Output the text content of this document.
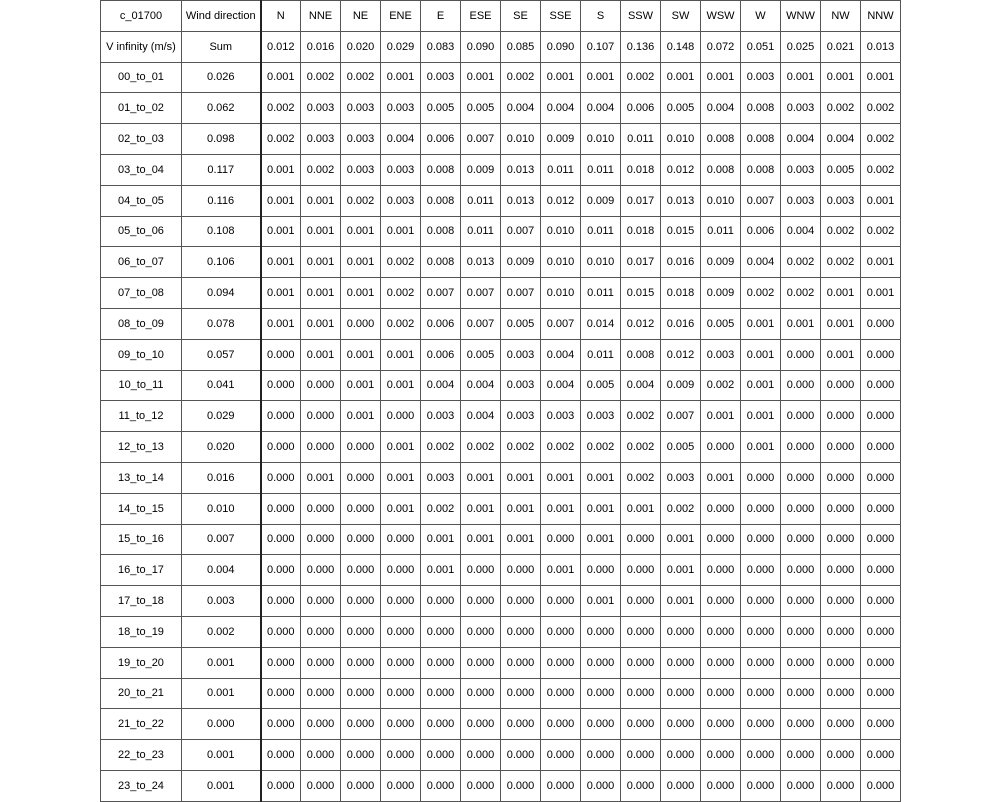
c_01700	Wind direction	N	NNE	NE	ENE	E	ESE	SE	SSE	S	SSW	SW	WSW	W	WNW	NW	NNW
V infinity (m/s)	Sum	0.012	0.016	0.020	0.029	0.083	0.090	0.085	0.090	0.107	0.136	0.148	0.072	0.051	0.025	0.021	0.013
00_to_01	0.026	0.001	0.002	0.002	0.001	0.003	0.001	0.002	0.001	0.001	0.002	0.001	0.001	0.003	0.001	0.001	0.001
01_to_02	0.062	0.002	0.003	0.003	0.003	0.005	0.005	0.004	0.004	0.004	0.006	0.005	0.004	0.008	0.003	0.002	0.002
02_to_03	0.098	0.002	0.003	0.003	0.004	0.006	0.007	0.010	0.009	0.010	0.011	0.010	0.008	0.008	0.004	0.004	0.002
03_to_04	0.117	0.001	0.002	0.003	0.003	0.008	0.009	0.013	0.011	0.011	0.018	0.012	0.008	0.008	0.003	0.005	0.002
04_to_05	0.116	0.001	0.001	0.002	0.003	0.008	0.011	0.013	0.012	0.009	0.017	0.013	0.010	0.007	0.003	0.003	0.001
05_to_06	0.108	0.001	0.001	0.001	0.001	0.008	0.011	0.007	0.010	0.011	0.018	0.015	0.011	0.006	0.004	0.002	0.002
06_to_07	0.106	0.001	0.001	0.001	0.002	0.008	0.013	0.009	0.010	0.010	0.017	0.016	0.009	0.004	0.002	0.002	0.001
07_to_08	0.094	0.001	0.001	0.001	0.002	0.007	0.007	0.007	0.010	0.011	0.015	0.018	0.009	0.002	0.002	0.001	0.001
08_to_09	0.078	0.001	0.001	0.000	0.002	0.006	0.007	0.005	0.007	0.014	0.012	0.016	0.005	0.001	0.001	0.001	0.000
09_to_10	0.057	0.000	0.001	0.001	0.001	0.006	0.005	0.003	0.004	0.011	0.008	0.012	0.003	0.001	0.000	0.001	0.000
10_to_11	0.041	0.000	0.000	0.001	0.001	0.004	0.004	0.003	0.004	0.005	0.004	0.009	0.002	0.001	0.000	0.000	0.000
11_to_12	0.029	0.000	0.000	0.001	0.000	0.003	0.004	0.003	0.003	0.003	0.002	0.007	0.001	0.001	0.000	0.000	0.000
12_to_13	0.020	0.000	0.000	0.000	0.001	0.002	0.002	0.002	0.002	0.002	0.002	0.005	0.000	0.001	0.000	0.000	0.000
13_to_14	0.016	0.000	0.001	0.000	0.001	0.003	0.001	0.001	0.001	0.001	0.002	0.003	0.001	0.000	0.000	0.000	0.000
14_to_15	0.010	0.000	0.000	0.000	0.001	0.002	0.001	0.001	0.001	0.001	0.001	0.002	0.000	0.000	0.000	0.000	0.000
15_to_16	0.007	0.000	0.000	0.000	0.000	0.001	0.001	0.001	0.000	0.001	0.000	0.001	0.000	0.000	0.000	0.000	0.000
16_to_17	0.004	0.000	0.000	0.000	0.000	0.001	0.000	0.000	0.001	0.000	0.000	0.001	0.000	0.000	0.000	0.000	0.000
17_to_18	0.003	0.000	0.000	0.000	0.000	0.000	0.000	0.000	0.000	0.001	0.000	0.001	0.000	0.000	0.000	0.000	0.000
18_to_19	0.002	0.000	0.000	0.000	0.000	0.000	0.000	0.000	0.000	0.000	0.000	0.000	0.000	0.000	0.000	0.000	0.000
19_to_20	0.001	0.000	0.000	0.000	0.000	0.000	0.000	0.000	0.000	0.000	0.000	0.000	0.000	0.000	0.000	0.000	0.000
20_to_21	0.001	0.000	0.000	0.000	0.000	0.000	0.000	0.000	0.000	0.000	0.000	0.000	0.000	0.000	0.000	0.000	0.000
21_to_22	0.000	0.000	0.000	0.000	0.000	0.000	0.000	0.000	0.000	0.000	0.000	0.000	0.000	0.000	0.000	0.000	0.000
22_to_23	0.001	0.000	0.000	0.000	0.000	0.000	0.000	0.000	0.000	0.000	0.000	0.000	0.000	0.000	0.000	0.000	0.000
23_to_24	0.001	0.000	0.000	0.000	0.000	0.000	0.000	0.000	0.000	0.000	0.000	0.000	0.000	0.000	0.000	0.000	0.000
